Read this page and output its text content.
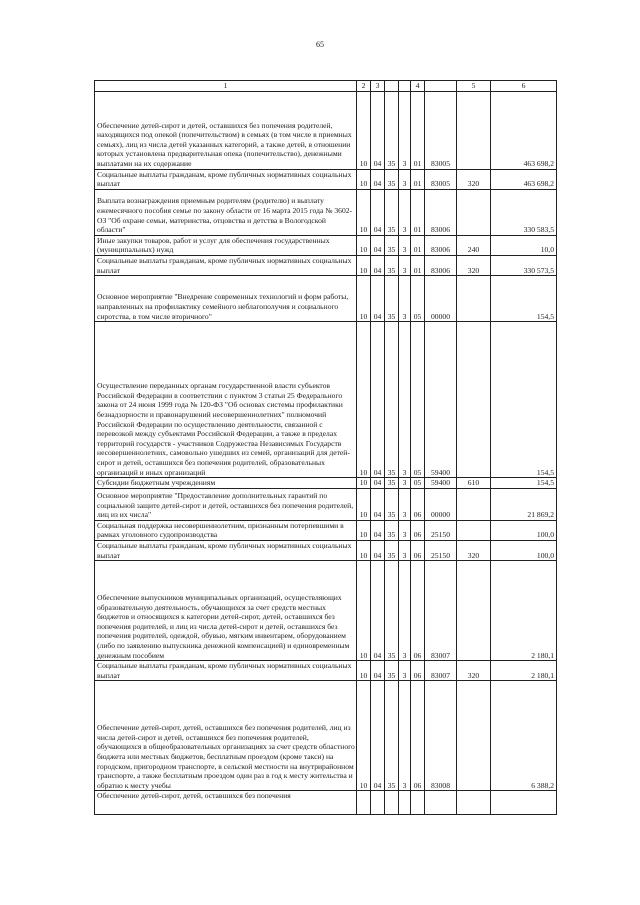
65
1	2	3			4		5	6
Обеспечение детей-сирот и детей, оставшихся без попечения родителей, находящихся под опекой (попечительством) в семьях (в том числе в приемных семьях), лиц из числа детей указанных категорий, а также детей, в отношении которых установлена предварительная опека (попечительство), денежными выплатами на их содержание	10	04	35	3	01	83005		463 698,2
Социальные выплаты гражданам, кроме публичных нормативных социальных выплат	10	04	35	3	01	83005	320	463 698,2
Выплата вознаграждения приемным родителям (родителю) и выплату ежемесячного пособия семье по закону области от 16 марта 2015 года № 3602-ОЗ "Об охране семьи, материнства, отцовства и детства в Вологодской области"	10	04	35	3	01	83006		330 583,5
Иные закупки товаров, работ и услуг для обеспечения государственных (муниципальных) нужд	10	04	35	3	01	83006	240	10,0
Социальные выплаты гражданам, кроме публичных нормативных социальных выплат	10	04	35	3	01	83006	320	330 573,5
Основное мероприятие "Внедрение современных технологий и форм работы, направленных на профилактику семейного неблагополучия и социального сиротства, в том числе вторичного"	10	04	35	3	05	00000		154,5
Осуществление переданных органам государственной власти субъектов Российской Федерации в соответствии с пунктом 3 статьи 25 Федерального закона от 24 июня 1999 года № 120-ФЗ "Об основах системы профилактики безнадзорности и правонарушений несовершеннолетних" полномочий Российской Федерации по осуществлению деятельности, связанной с перевозкой между субъектами Российской Федерации, а также в пределах территорий государств - участников Содружества Независимых Государств несовершеннолетних, самовольно ушедших из семей, организаций для детей-сирот и детей, оставшихся без попечения родителей, образовательных организаций и иных организаций	10	04	35	3	05	59400		154,5
Субсидии бюджетным учреждениям	10	04	35	3	05	59400	610	154,5
Основное мероприятие "Предоставление дополнительных гарантий по социальной защите детей-сирот и детей, оставшихся без попечения родителей, лиц из их числа"	10	04	35	3	06	00000		21 869,2
Социальная поддержка несовершеннолетним, признанным потерпевшими в рамках уголовного судопроизводства	10	04	35	3	06	25150		100,0
Социальные выплаты гражданам, кроме публичных нормативных социальных выплат	10	04	35	3	06	25150	320	100,0
Обеспечение выпускников муниципальных организаций, осуществляющих образовательную деятельность, обучающихся за счет средств местных бюджетов и относящихся к категории детей-сирот, детей, оставшихся без попечения родителей, и лиц из числа детей-сирот и детей, оставшихся без попечения родителей, одеждой, обувью, мягким инвентарем, оборудованием (либо по заявлению выпускника денежной компенсацией) и единовременным денежным пособием	10	04	35	3	06	83007		2 180,1
Социальные выплаты гражданам, кроме публичных нормативных социальных выплат	10	04	35	3	06	83007	320	2 180,1
Обеспечение детей-сирот, детей, оставшихся без попечения родителей, лиц из числа детей-сирот и детей, оставшихся без попечения родителей, обучающихся в общеобразовательных организациях за счет средств областного бюджета или местных бюджетов, бесплатным проездом (кроме такси) на городском, пригородном транспорте, в сельской местности на внутрирайонном транспорте, а также бесплатным проездом один раз в год к месту жительства и обратно к месту учебы	10	04	35	3	06	83008		6 388,2
Обеспечение детей-сирот, детей, оставшихся без попечения								
